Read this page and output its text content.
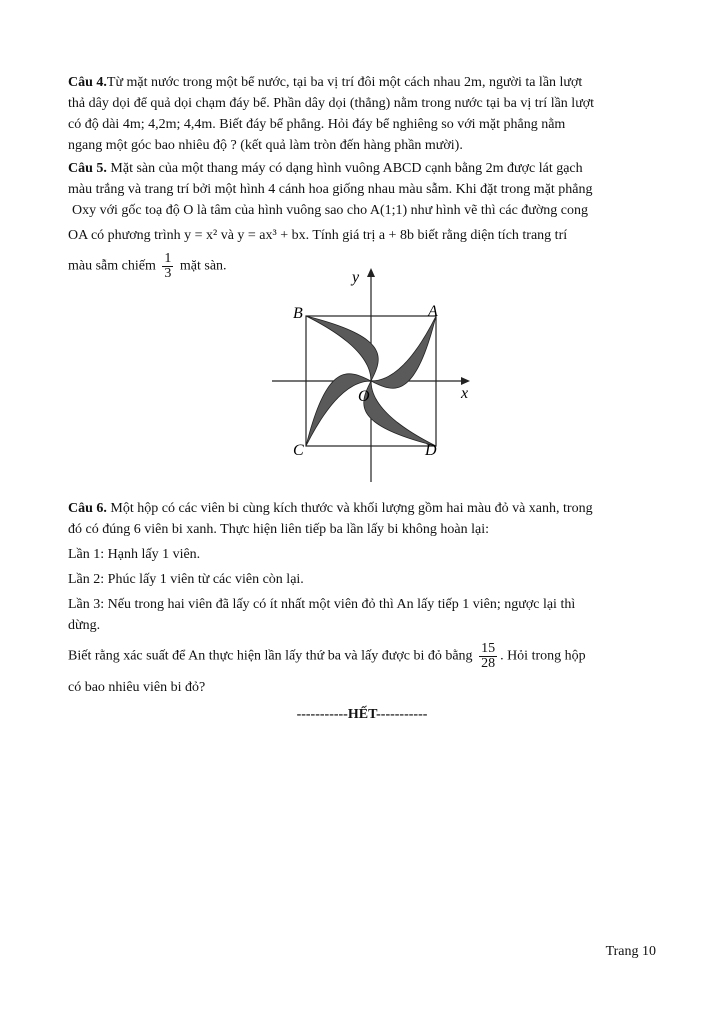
Câu 4.Từ mặt nước trong một bể nước, tại ba vị trí đôi một cách nhau 2m, người ta lần lượt

thả dây dọi để quả dọi chạm đáy bể. Phần dây dọi (thẳng) nằm trong nước tại ba vị trí lần lượt

có độ dài 4m; 4,2m; 4,4m. Biết đáy bể phẳng. Hỏi đáy bể nghiêng so với mặt phẳng nằm

ngang một góc bao nhiêu độ ? (kết quả làm tròn đến hàng phần mười).

Câu 5. Mặt sàn của một thang máy có dạng hình vuông ABCD cạnh bằng 2m được lát gạch

màu trắng và trang trí bởi một hình 4 cánh hoa giống nhau màu sẫm. Khi đặt trong mặt phẳng

Oxy với gốc toạ độ O là tâm của hình vuông sao cho A(1;1) như hình vẽ thì các đường cong

OA có phương trình y = x² và y = ax³ + bx. Tính giá trị a + 8b biết rằng diện tích trang trí

màu sẫm chiếm $\frac{1}{3}$ mặt sàn.

y
x
A
B
C	D
O

Câu 6. Một hộp có các viên bi cùng kích thước và khối lượng gồm hai màu đỏ và xanh, trong

đó có đúng 6 viên bi xanh. Thực hiện liên tiếp ba lần lấy bi không hoàn lại:

Lần 1: Hạnh lấy 1 viên.

Lần 2: Phúc lấy 1 viên từ các viên còn lại.

Lần 3: Nếu trong hai viên đã lấy có ít nhất một viên đỏ thì An lấy tiếp 1 viên; ngược lại thì

dừng.

Biết rằng xác suất để An thực hiện lần lấy thứ ba và lấy được bi đỏ bằng $\frac{15}{28}$ . Hỏi trong hộp

có bao nhiêu viên bi đỏ?

-----------HẾT-----------
Trang 10
